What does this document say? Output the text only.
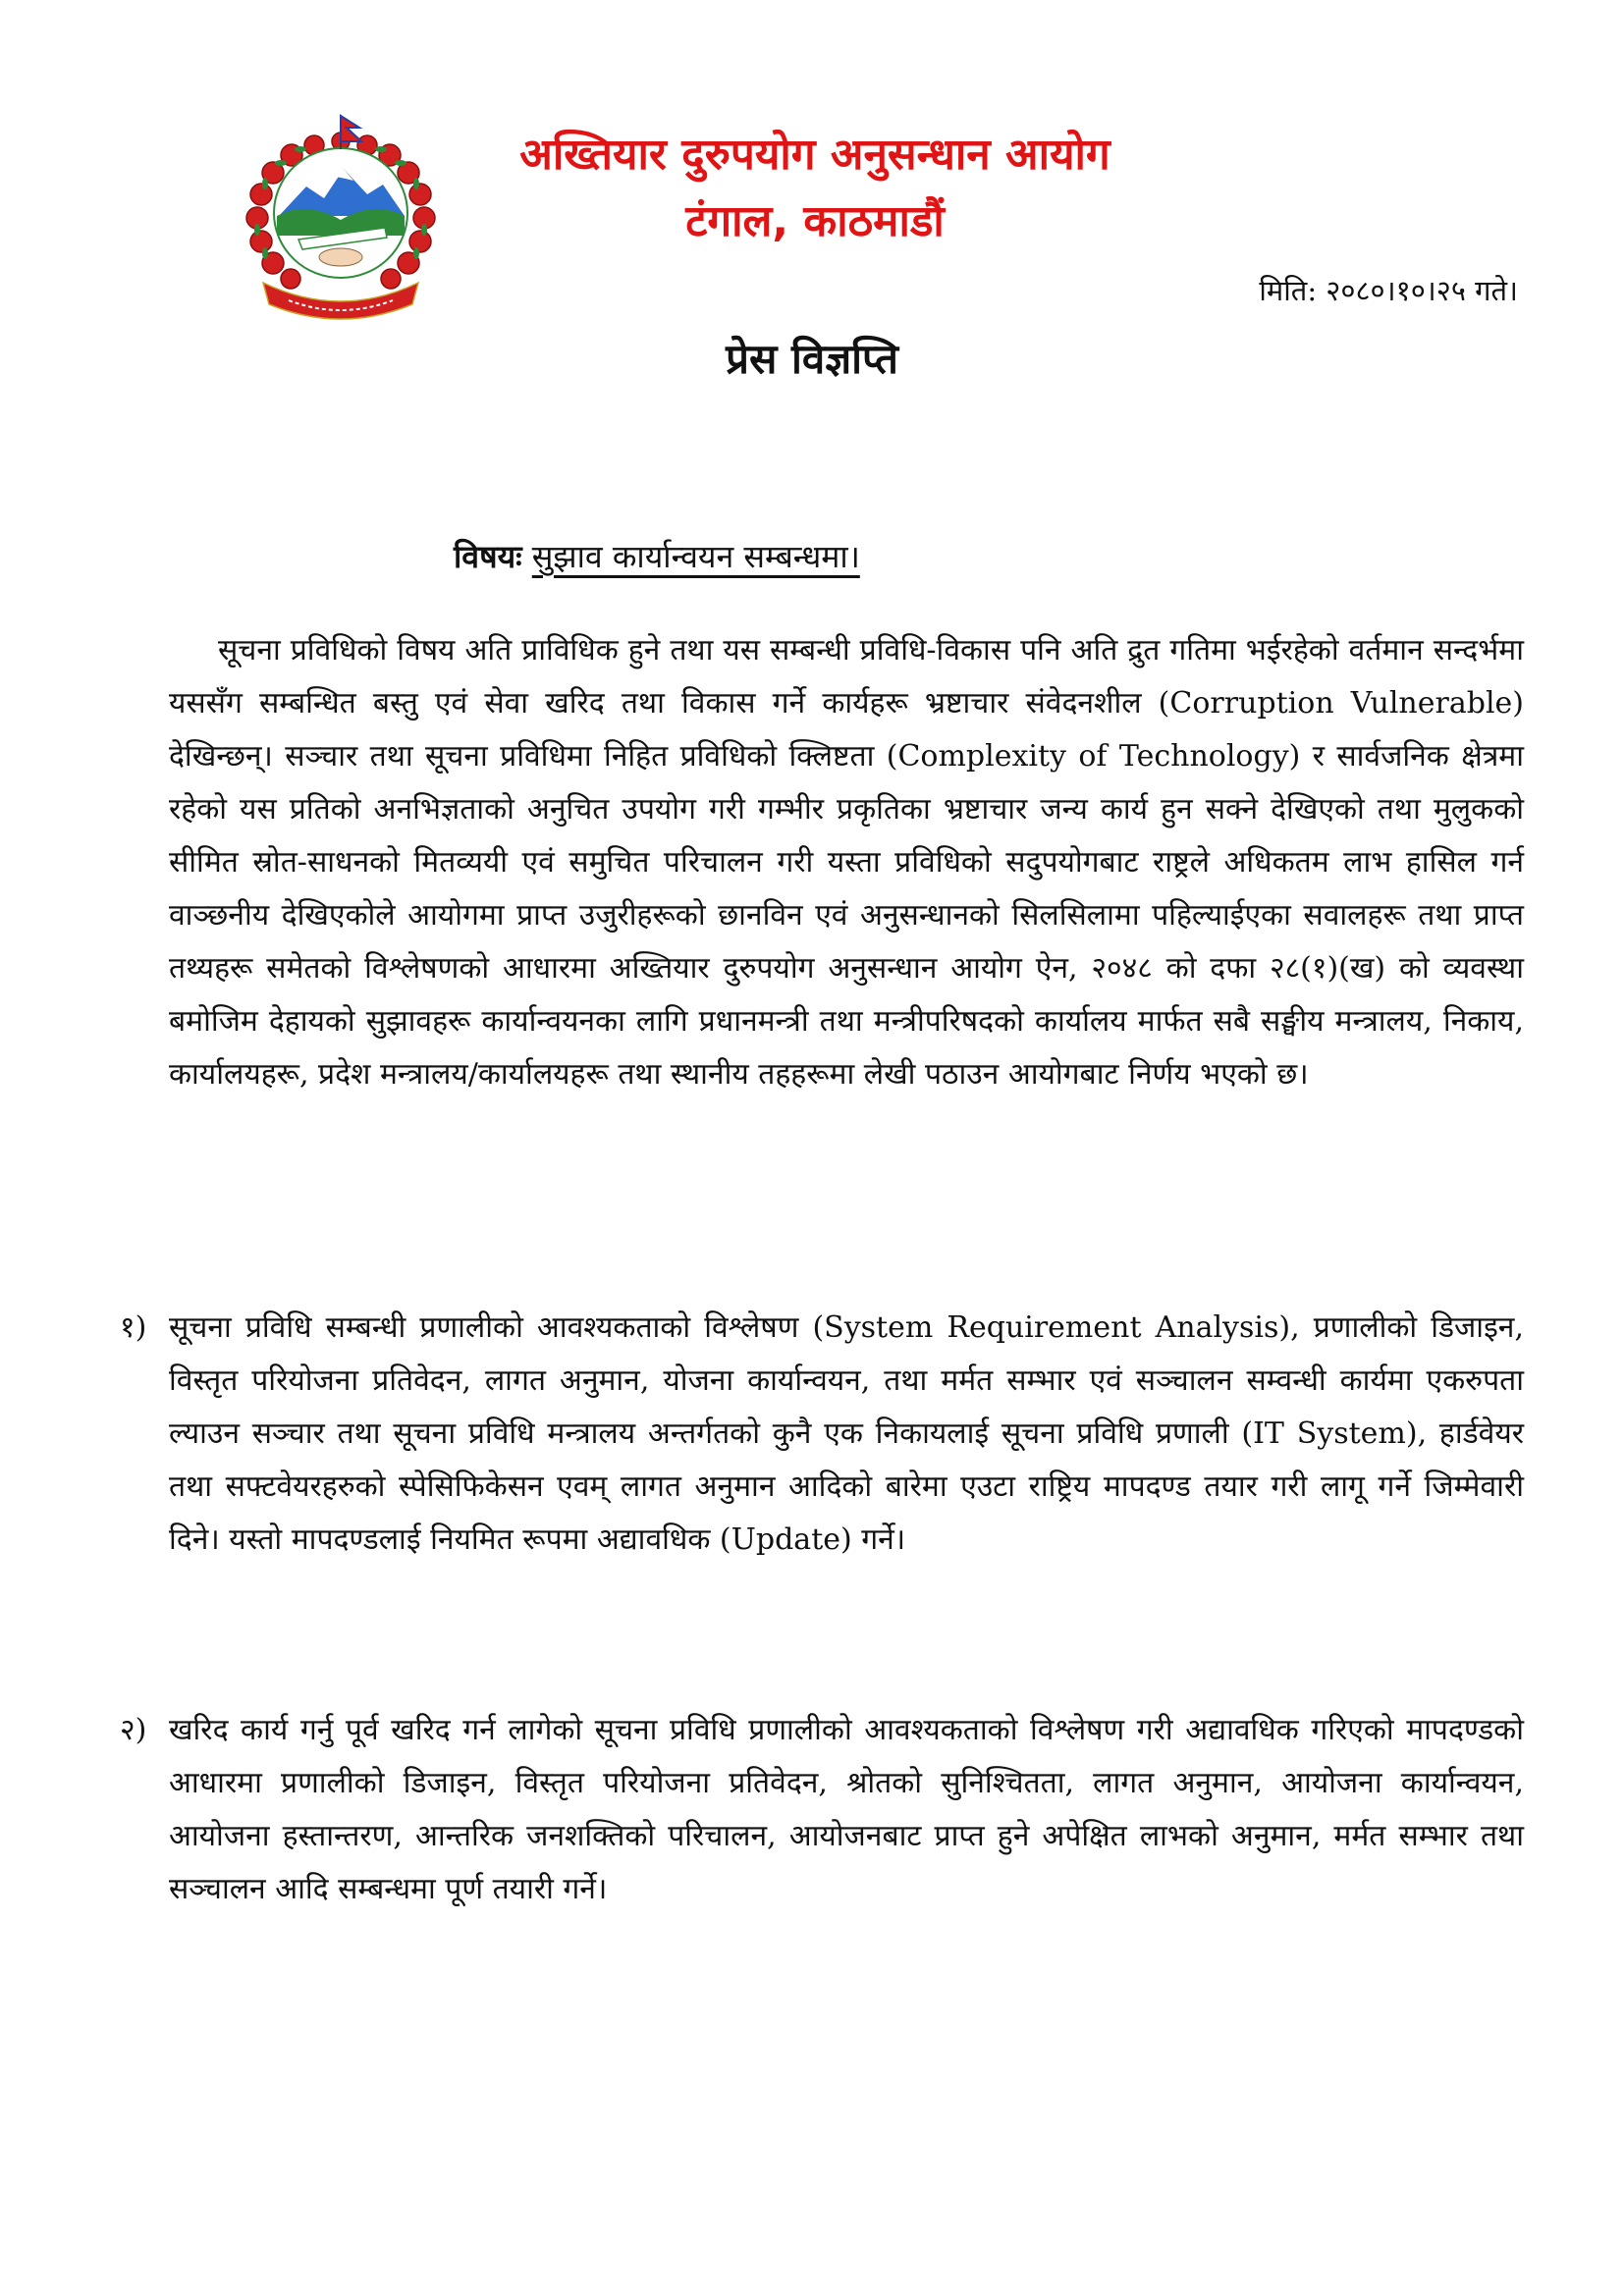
अख्तियार दुरुपयोग अनुसन्धान आयोग
टंगाल, काठमाडौं

मिति: २०८०।१०।२५ गते।

प्रेस विज्ञप्ति

विषयः सुझाव कार्यान्वयन सम्बन्धमा।

सूचना प्रविधिको विषय अति प्राविधिक हुने तथा यस सम्बन्धी प्रविधि-विकास पनि अति द्रुत गतिमा भईरहेको वर्तमान सन्दर्भमा यससँग सम्बन्धित बस्तु एवं सेवा खरिद तथा विकास गर्ने कार्यहरू भ्रष्टाचार संवेदनशील (Corruption Vulnerable) देखिन्छन्। सञ्चार तथा सूचना प्रविधिमा निहित प्रविधिको क्लिष्टता (Complexity of Technology) र सार्वजनिक क्षेत्रमा रहेको यस प्रतिको अनभिज्ञताको अनुचित उपयोग गरी गम्भीर प्रकृतिका भ्रष्टाचार जन्य कार्य हुन सक्ने देखिएको तथा मुलुकको सीमित स्रोत-साधनको मितव्ययी एवं समुचित परिचालन गरी यस्ता प्रविधिको सदुपयोगबाट राष्ट्रले अधिकतम लाभ हासिल गर्न वाञ्छनीय देखिएकोले आयोगमा प्राप्त उजुरीहरूको छानविन एवं अनुसन्धानको सिलसिलामा पहिल्याईएका सवालहरू तथा प्राप्त तथ्यहरू समेतको विश्लेषणको आधारमा अख्तियार दुरुपयोग अनुसन्धान आयोग ऐन, २०४८ को दफा २८(१)(ख) को व्यवस्था बमोजिम देहायको सुझावहरू कार्यान्वयनका लागि प्रधानमन्त्री तथा मन्त्रीपरिषदको कार्यालय मार्फत सबै सङ्घीय मन्त्रालय, निकाय, कार्यालयहरू, प्रदेश मन्त्रालय/कार्यालयहरू तथा स्थानीय तहहरूमा लेखी पठाउन आयोगबाट निर्णय भएको छ।

१) सूचना प्रविधि सम्बन्धी प्रणालीको आवश्यकताको विश्लेषण (System Requirement Analysis), प्रणालीको डिजाइन, विस्तृत परियोजना प्रतिवेदन, लागत अनुमान, योजना कार्यान्वयन, तथा मर्मत सम्भार एवं सञ्चालन सम्वन्धी कार्यमा एकरुपता ल्याउन सञ्चार तथा सूचना प्रविधि मन्त्रालय अन्तर्गतको कुनै एक निकायलाई सूचना प्रविधि प्रणाली (IT System), हार्डवेयर तथा सफ्टवेयरहरुको स्पेसिफिकेसन एवम् लागत अनुमान आदिको बारेमा एउटा राष्ट्रिय मापदण्ड तयार गरी लागू गर्ने जिम्मेवारी दिने। यस्तो मापदण्डलाई नियमित रूपमा अद्यावधिक (Update) गर्ने।

२) खरिद कार्य गर्नु पूर्व खरिद गर्न लागेको सूचना प्रविधि प्रणालीको आवश्यकताको विश्लेषण गरी अद्यावधिक गरिएको मापदण्डको आधारमा प्रणालीको डिजाइन, विस्तृत परियोजना प्रतिवेदन, श्रोतको सुनिश्चितता, लागत अनुमान, आयोजना कार्यान्वयन, आयोजना हस्तान्तरण, आन्तरिक जनशक्तिको परिचालन, आयोजनबाट प्राप्त हुने अपेक्षित लाभको अनुमान, मर्मत सम्भार तथा सञ्चालन आदि सम्बन्धमा पूर्ण तयारी गर्ने।
